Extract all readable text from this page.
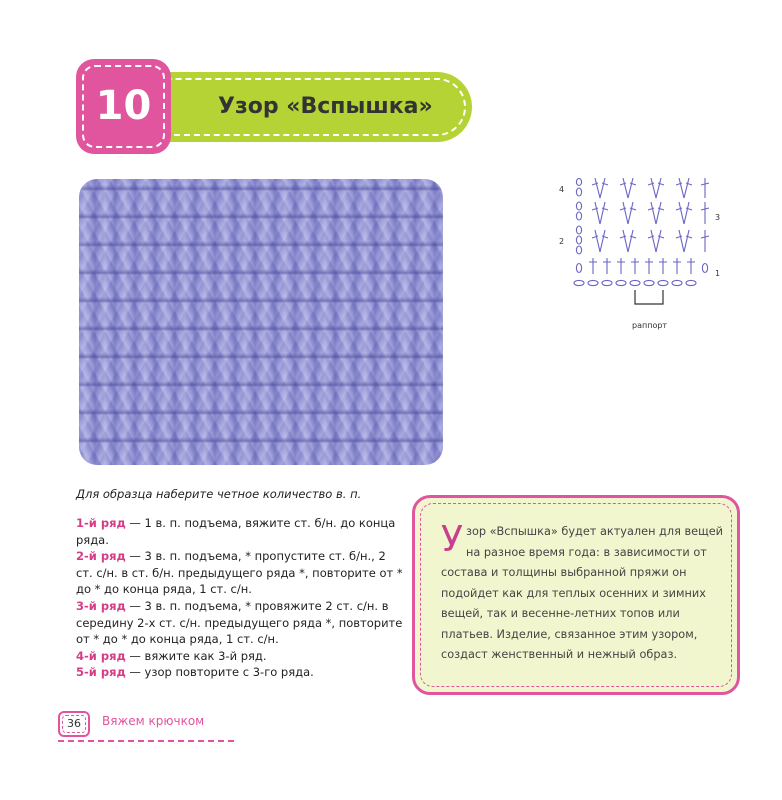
Узор «Вспышка»
10
4
3
2
1
раппорт
Для образца наберите четное количество в. п.
1-й ряд — 1 в. п. подъема, вяжите ст. б/н. до конца ряда.
2-й ряд — 3 в. п. подъема, * пропустите ст. б/н., 2 ст. с/н. в ст. б/н. предыдущего ряда *, повторите от * до * до конца ряда, 1 ст. с/н.
3-й ряд — 3 в. п. подъема, * провяжите 2 ст. с/н. в середину 2-х ст. с/н. предыдущего ряда *, повторите от * до * до конца ряда, 1 ст. с/н.
4-й ряд — вяжите как 3-й ряд.
5-й ряд — узор повторите с 3-го ряда.
Узор «Вспышка» будет актуален для вещей на разное время года: в зависимости от состава и толщины выбранной пряжи он подойдет как для теплых осенних и зимних вещей, так и весенне-летних топов или платьев. Изделие, связанное этим узором, создаст женственный и нежный образ.
36	Вяжем крючком
